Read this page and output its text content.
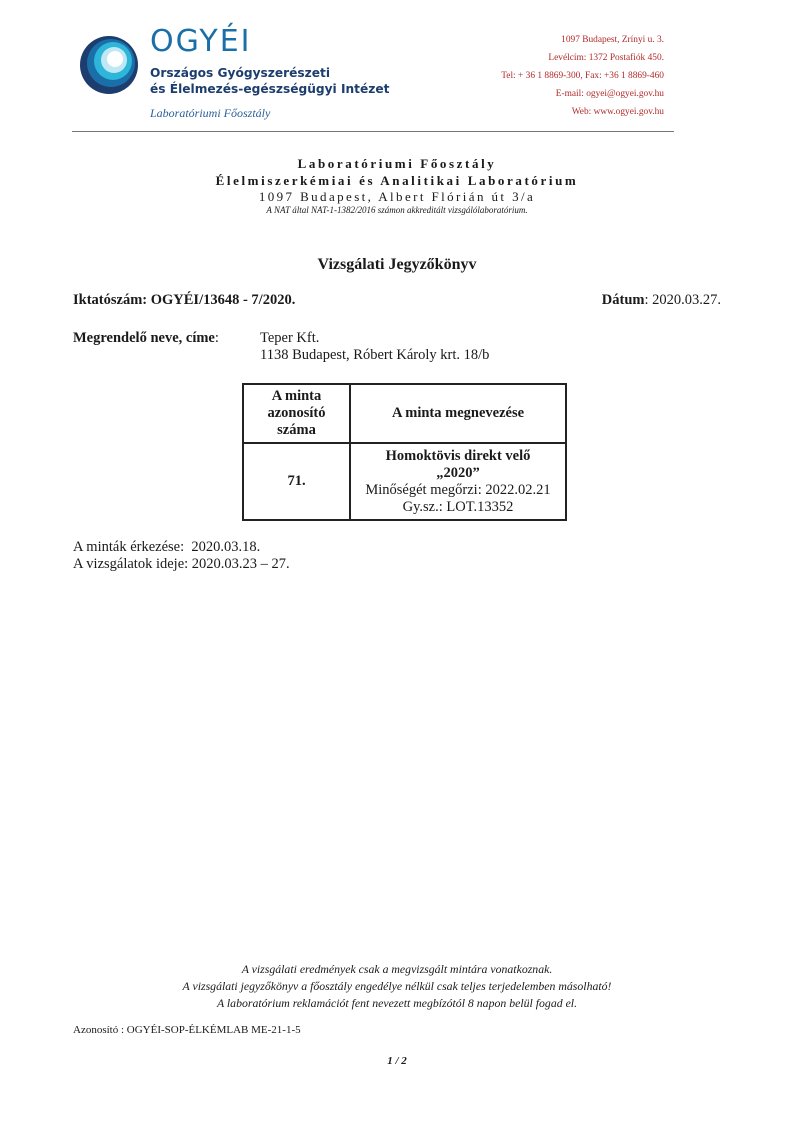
OGYÉI
Országos Gyógyszerészeti
és Élelmezés-egészségügyi Intézet
Laboratóriumi Főosztály
1097 Budapest, Zrínyi u. 3.
Levélcím: 1372 Postafiók 450.
Tel: + 36 1 8869-300, Fax: +36 1 8869-460
E-mail: ogyei@ogyei.gov.hu
Web: www.ogyei.gov.hu
Laboratóriumi Főosztály
Élelmiszerkémiai és Analitikai Laboratórium
1097 Budapest, Albert Flórián út 3/a
A NAT által NAT-1-1382/2016 számon akkreditált vizsgálólaboratórium.
Vizsgálati Jegyzőkönyv
Iktatószám: OGYÉI/13648 - 7/2020.	Dátum: 2020.03.27.
Megrendelő neve, címe:	Teper Kft.
1138 Budapest, Róbert Károly krt. 18/b
A minta
azonosító
száma	A minta megnevezése
71.	Homoktövis direkt velő
„2020”
Minőségét megőrzi: 2022.02.21
Gy.sz.: LOT.13352
A minták érkezése:  2020.03.18.
A vizsgálatok ideje: 2020.03.23 – 27.
A vizsgálati eredmények csak a megvizsgált mintára vonatkoznak.
A vizsgálati jegyzőkönyv a főosztály engedélye nélkül csak teljes terjedelemben másolható!
A laboratórium reklamációt fent nevezett megbízótól 8 napon belül fogad el.
Azonosító : OGYÉI-SOP-ÉLKÉMLAB ME-21-1-5
1 / 2
